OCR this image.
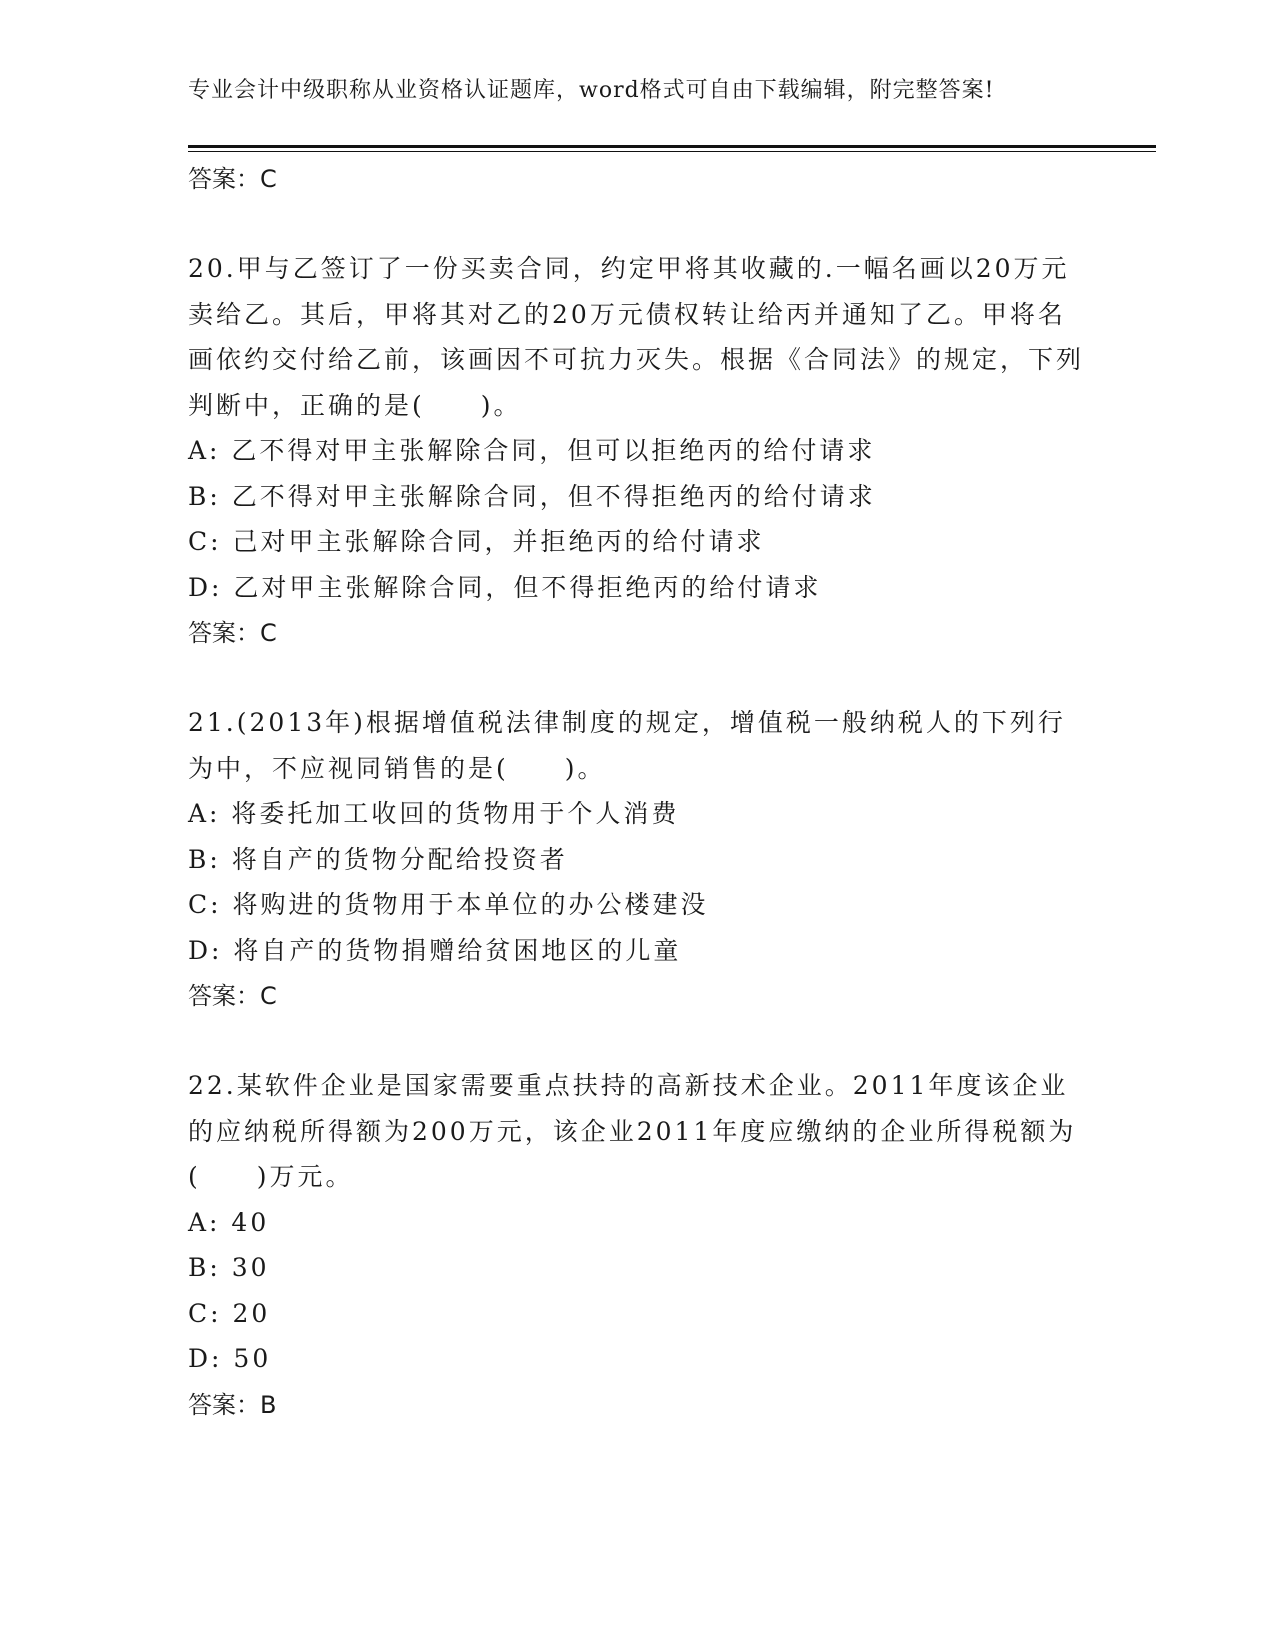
专业会计中级职称从业资格认证题库，word格式可自由下载编辑，附完整答案!
答案：C
20.甲与乙签订了一份买卖合同，约定甲将其收藏的.一幅名画以20万元卖给乙。其后，甲将其对乙的20万元债权转让给丙并通知了乙。甲将名画依约交付给乙前，该画因不可抗力灭失。根据《合同法》的规定，下列判断中，正确的是(　　)。
A: 乙不得对甲主张解除合同，但可以拒绝丙的给付请求
B: 乙不得对甲主张解除合同，但不得拒绝丙的给付请求
C: 己对甲主张解除合同，并拒绝丙的给付请求
D: 乙对甲主张解除合同，但不得拒绝丙的给付请求
答案：C
21.(2013年)根据增值税法律制度的规定，增值税一般纳税人的下列行为中，不应视同销售的是(　　)。
A: 将委托加工收回的货物用于个人消费
B: 将自产的货物分配给投资者
C: 将购进的货物用于本单位的办公楼建没
D: 将自产的货物捐赠给贫困地区的儿童
答案：C
22.某软件企业是国家需要重点扶持的高新技术企业。2011年度该企业的应纳税所得额为200万元，该企业2011年度应缴纳的企业所得税额为(　　)万元。
A: 40
B: 30
C: 20
D: 50
答案：B
